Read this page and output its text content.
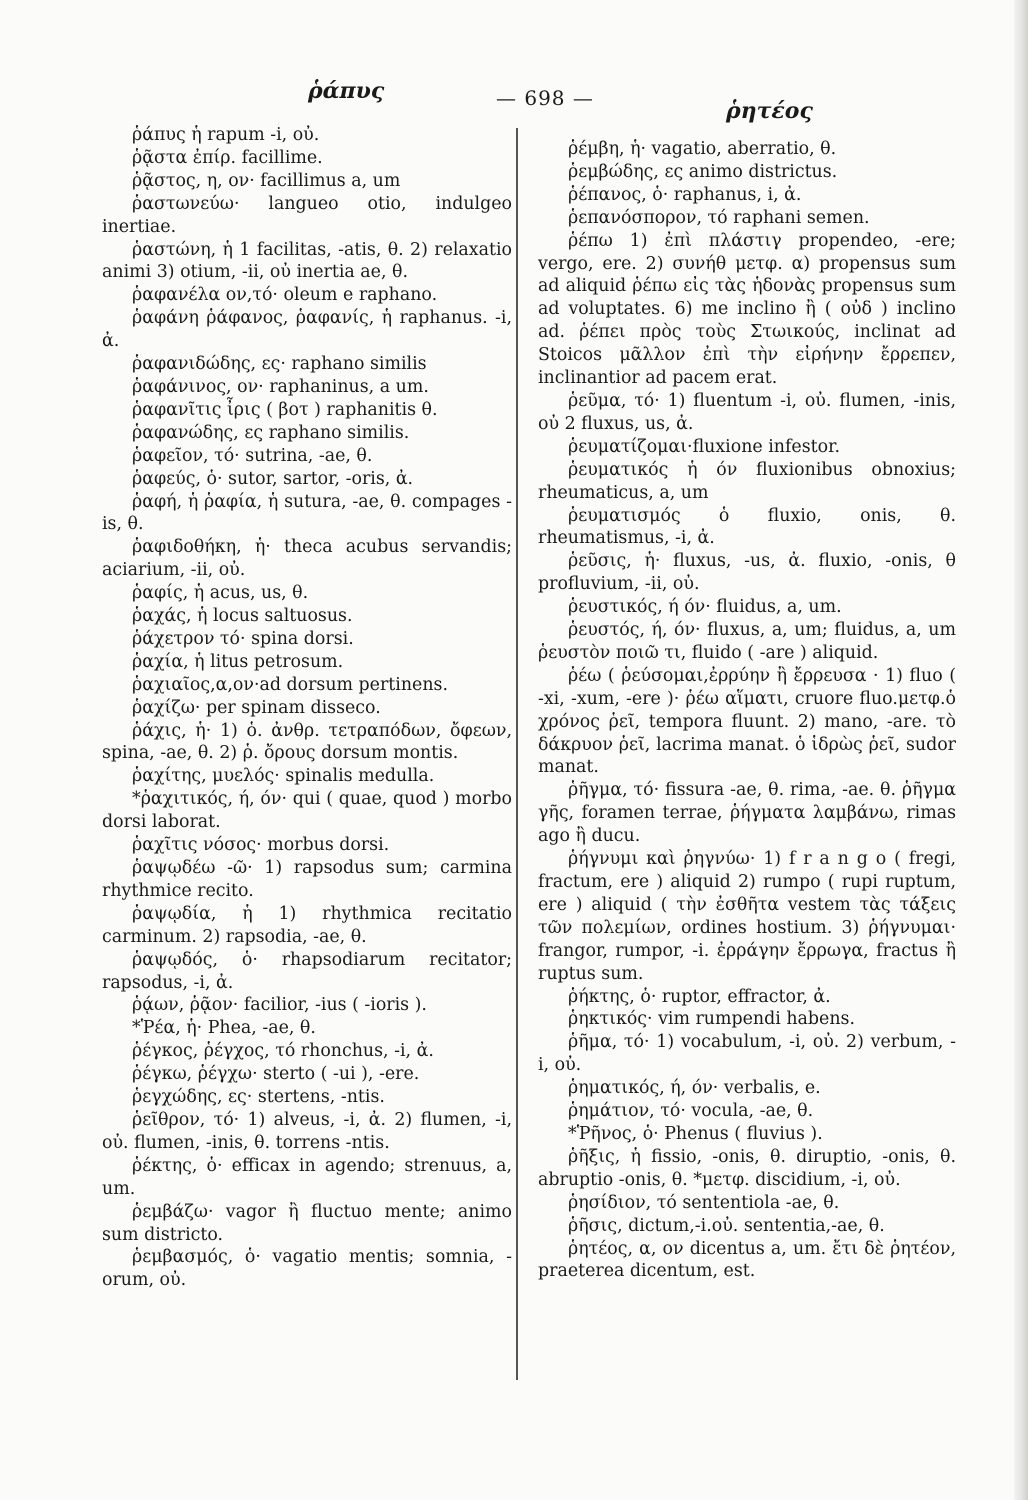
ῥάπυς	— 698 —	ῥητέος
ῥάπυς ἡ rapum -i, οὐ.
ῥᾷστα ἐπίρ. facillime.
ῥᾷστος, η, ον· facillimus a, um
ῥαστωνεύω· langueo otio, indulgeo inertiae.
ῥαστώνη, ἡ 1 facilitas, -atis, θ. 2) relaxatio animi 3) otium, -ii, οὐ inertia ae, θ.
ῥαφανέλα ον,τό· oleum e raphano.
ῥαφάνη ῥάφανος, ῥαφανίς, ἡ raphanus. -i, ἀ.
ῥαφανιδώδης, ες· raphano similis
ῥαφάνινος, ον· raphaninus, a um.
ῥαφανῖτις ἶρις ( βοτ ) raphanitis θ.
ῥαφανώδης, ες raphano similis.
ῥαφεῖον, τό· sutrina, -ae, θ.
ῥαφεύς, ὁ· sutor, sartor, -oris, ἀ.
ῥαφή, ἡ ῥαφία, ἡ sutura, -ae, θ. compages -is, θ.
ῥαφιδοθήκη, ἡ· theca acubus servandis; aciarium, -ii, οὐ.
ῥαφίς, ἡ acus, us, θ.
ῥαχάς, ἡ locus saltuosus.
ῥάχετρον τό· spina dorsi.
ῥαχία, ἡ litus petrosum.
ῥαχιαῖος,α,ον·ad dorsum pertinens.
ῥαχίζω· per spinam disseco.
ῥάχις, ἡ· 1) ὁ. ἀνθρ. τετραπόδων, ὄφεων, spina, -ae, θ. 2) ῥ. ὄρους dorsum montis.
ῥαχίτης, μυελός· spinalis medulla.
*ῥαχιτικός, ή, όν· qui ( quae, quod ) morbo dorsi laborat.
ῥαχῖτις νόσος· morbus dorsi.
ῥαψῳδέω -ῶ· 1) rapsodus sum; carmina rhythmice recito.
ῥαψῳδία, ἡ 1) rhythmica recitatio carminum. 2) rapsodia, -ae, θ.
ῥαψῳδός, ὁ· rhapsodiarum recitator; rapsodus, -i, ἀ.
ῥᾴων, ῥᾷον· facilior, -ius ( -ioris ).
*Ῥέα, ἡ· Phea, -ae, θ.
ῥέγκος, ῥέγχος, τό rhonchus, -i, ἀ.
ῥέγκω, ῥέγχω· sterto ( -ui ), -ere.
ῥεγχώδης, ες· stertens, -ntis.
ῥεῖθρον, τό· 1) alveus, -i, ἀ. 2) flumen, -i, οὐ. flumen, -inis, θ. torrens -ntis.
ῥέκτης, ὁ· efficax in agendo; strenuus, a, um.
ῥεμβάζω· vagor ἢ fluctuo mente; animo sum districto.
ῥεμβασμός, ὁ· vagatio mentis; somnia, -orum, οὐ.
ῥέμβη, ἡ· vagatio, aberratio, θ.
ῥεμβώδης, ες animo districtus.
ῥέπανος, ὁ· raphanus, i, ἀ.
ῥεπανόσπορον, τό raphani semen.
ῥέπω 1) ἐπὶ πλάστιγ propendeo, -ere; vergo, ere. 2) συνήθ μετφ. α) propensus sum ad aliquid ῥέπω εἰς τὰς ἡδονὰς propensus sum ad voluptates. 6) me inclino ἢ ( οὐδ ) inclino ad. ῥέπει πρὸς τοὺς Στωικούς, inclinat ad Stoicos μᾶλλον ἐπὶ τὴν εἰρήνην ἔρρεπεν, inclinantior ad pacem erat.
ῥεῦμα, τό· 1) fluentum -i, οὐ. flumen, -inis, οὐ 2 fluxus, us, ἀ.
ῥευματίζομαι·fluxione infestor.
ῥευματικός ἡ όν fluxionibus obnoxius; rheumaticus, a, um
ῥευματισμός ὁ fluxio, onis, θ. rheumatismus, -i, ἀ.
ῥεῦσις, ἡ· fluxus, -us, ἀ. fluxio, -onis, θ profluvium, -ii, οὐ.
ῥευστικός, ή όν· fluidus, a, um.
ῥευστός, ή, όν· fluxus, a, um; fluidus, a, um ῥευστὸν ποιῶ τι, fluido ( -are ) aliquid.
ῥέω ( ῥεύσομαι,ἐρρύην ἢ ἔρρευσα · 1) fluo ( -xi, -xum, -ere )· ῥέω αἵματι, cruore fluo.μετφ.ὁ χρόνος ῥεῖ, tempora fluunt. 2) mano, -are. τὸ δάκρυον ῥεῖ, lacrima manat. ὁ ἱδρὼς ῥεῖ, sudor manat.
ῥῆγμα, τό· fissura -ae, θ. rima, -ae. θ. ῥῆγμα γῆς, foramen terrae, ῥήγματα λαμβάνω, rimas ago ἢ ducu.
ῥήγνυμι καὶ ῥηγνύω· 1) f r a n g o ( fregi, fractum, ere ) aliquid 2) rumpo ( rupi ruptum, ere ) aliquid ( τὴν ἐσθῆτα vestem τὰς τάξεις τῶν πολεμίων, ordines hostium. 3) ῥήγνυμαι· frangor, rumpor, -i. ἐρράγην ἔρρωγα, fractus ἢ ruptus sum.
ῥήκτης, ὁ· ruptor, effractor, ἀ.
ῥηκτικός· vim rumpendi habens.
ῥῆμα, τό· 1) vocabulum, -i, οὐ. 2) verbum, -i, οὐ.
ῥηματικός, ή, όν· verbalis, e.
ῥημάτιον, τό· vocula, -ae, θ.
*Ῥῆνος, ὁ· Phenus ( fluvius ).
ῥῆξις, ἡ fissio, -onis, θ. diruptio, -onis, θ. abruptio -onis, θ. *μετφ. discidium, -i, οὐ.
ῥησίδιον, τό sententiola -ae, θ.
ῥῆσις, dictum,-i.οὐ. sententia,-ae, θ.
ῥητέος, α, ον dicentus a, um. ἔτι δὲ ῥητέον, praeterea dicentum, est.
